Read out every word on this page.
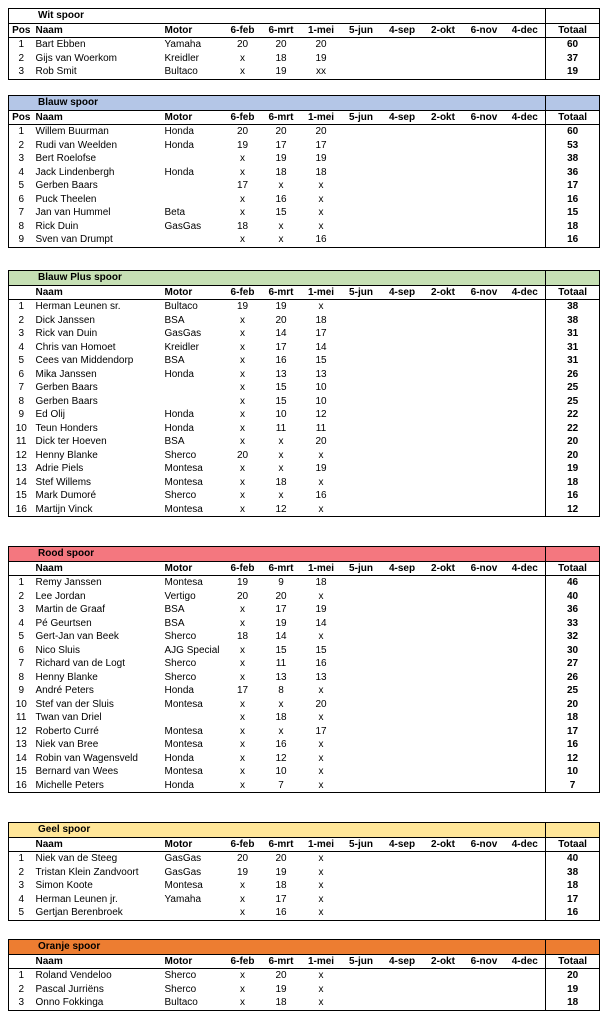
Wit spoor											
Pos	Naam	Motor	6-feb	6-mrt	1-mei	5-jun	4-sep	2-okt	6-nov	4-dec	Totaal
1	Bart Ebben	Yamaha	20	20	20						60
2	Gijs van Woerkom	Kreidler	x	18	19						37
3	Rob Smit	Bultaco	x	19	xx						19
Blauw spoor											
Pos	Naam	Motor	6-feb	6-mrt	1-mei	5-jun	4-sep	2-okt	6-nov	4-dec	Totaal
1	Willem Buurman	Honda	20	20	20						60
2	Rudi van Weelden	Honda	19	17	17						53
3	Bert Roelofse		x	19	19						38
4	Jack Lindenbergh	Honda	x	18	18						36
5	Gerben Baars		17	x	x						17
6	Puck Theelen		x	16	x						16
7	Jan van Hummel	Beta	x	15	x						15
8	Rick Duin	GasGas	18	x	x						18
9	Sven van Drumpt		x	x	16						16
Blauw Plus spoor											
	Naam	Motor	6-feb	6-mrt	1-mei	5-jun	4-sep	2-okt	6-nov	4-dec	Totaal
1	Herman Leunen sr.	Bultaco	19	19	x						38
2	Dick Janssen	BSA	x	20	18						38
3	Rick van Duin	GasGas	x	14	17						31
4	Chris van Homoet	Kreidler	x	17	14						31
5	Cees van Middendorp	BSA	x	16	15						31
6	Mika Janssen	Honda	x	13	13						26
7	Gerben Baars		x	15	10						25
8	Gerben Baars		x	15	10						25
9	Ed Olij	Honda	x	10	12						22
10	Teun Honders	Honda	x	11	11						22
11	Dick ter Hoeven	BSA	x	x	20						20
12	Henny Blanke	Sherco	20	x	x						20
13	Adrie Piels	Montesa	x	x	19						19
14	Stef Willems	Montesa	x	18	x						18
15	Mark Dumoré	Sherco	x	x	16						16
16	Martijn Vinck	Montesa	x	12	x						12
Rood spoor											
	Naam	Motor	6-feb	6-mrt	1-mei	5-jun	4-sep	2-okt	6-nov	4-dec	Totaal
1	Remy Janssen	Montesa	19	9	18						46
2	Lee Jordan	Vertigo	20	20	x						40
3	Martin de Graaf	BSA	x	17	19						36
4	Pé Geurtsen	BSA	x	19	14						33
5	Gert-Jan van Beek	Sherco	18	14	x						32
6	Nico Sluis	AJG Special	x	15	15						30
7	Richard van de Logt	Sherco	x	11	16						27
8	Henny Blanke	Sherco	x	13	13						26
9	André Peters	Honda	17	8	x						25
10	Stef van der Sluis	Montesa	x	x	20						20
11	Twan van Driel		x	18	x						18
12	Roberto Curré	Montesa	x	x	17						17
13	Niek van Bree	Montesa	x	16	x						16
14	Robin van Wagensveld	Honda	x	12	x						12
15	Bernard van Wees	Montesa	x	10	x						10
16	Michelle Peters	Honda	x	7	x						7
Geel spoor											
	Naam	Motor	6-feb	6-mrt	1-mei	5-jun	4-sep	2-okt	6-nov	4-dec	Totaal
1	Niek van de Steeg	GasGas	20	20	x						40
2	Tristan Klein Zandvoort	GasGas	19	19	x						38
3	Simon Koote	Montesa	x	18	x						18
4	Herman Leunen jr.	Yamaha	x	17	x						17
5	Gertjan Berenbroek		x	16	x						16
Oranje spoor											
	Naam	Motor	6-feb	6-mrt	1-mei	5-jun	4-sep	2-okt	6-nov	4-dec	Totaal
1	Roland Vendeloo	Sherco	x	20	x						20
2	Pascal Jurriëns	Sherco	x	19	x						19
3	Onno Fokkinga	Bultaco	x	18	x						18
